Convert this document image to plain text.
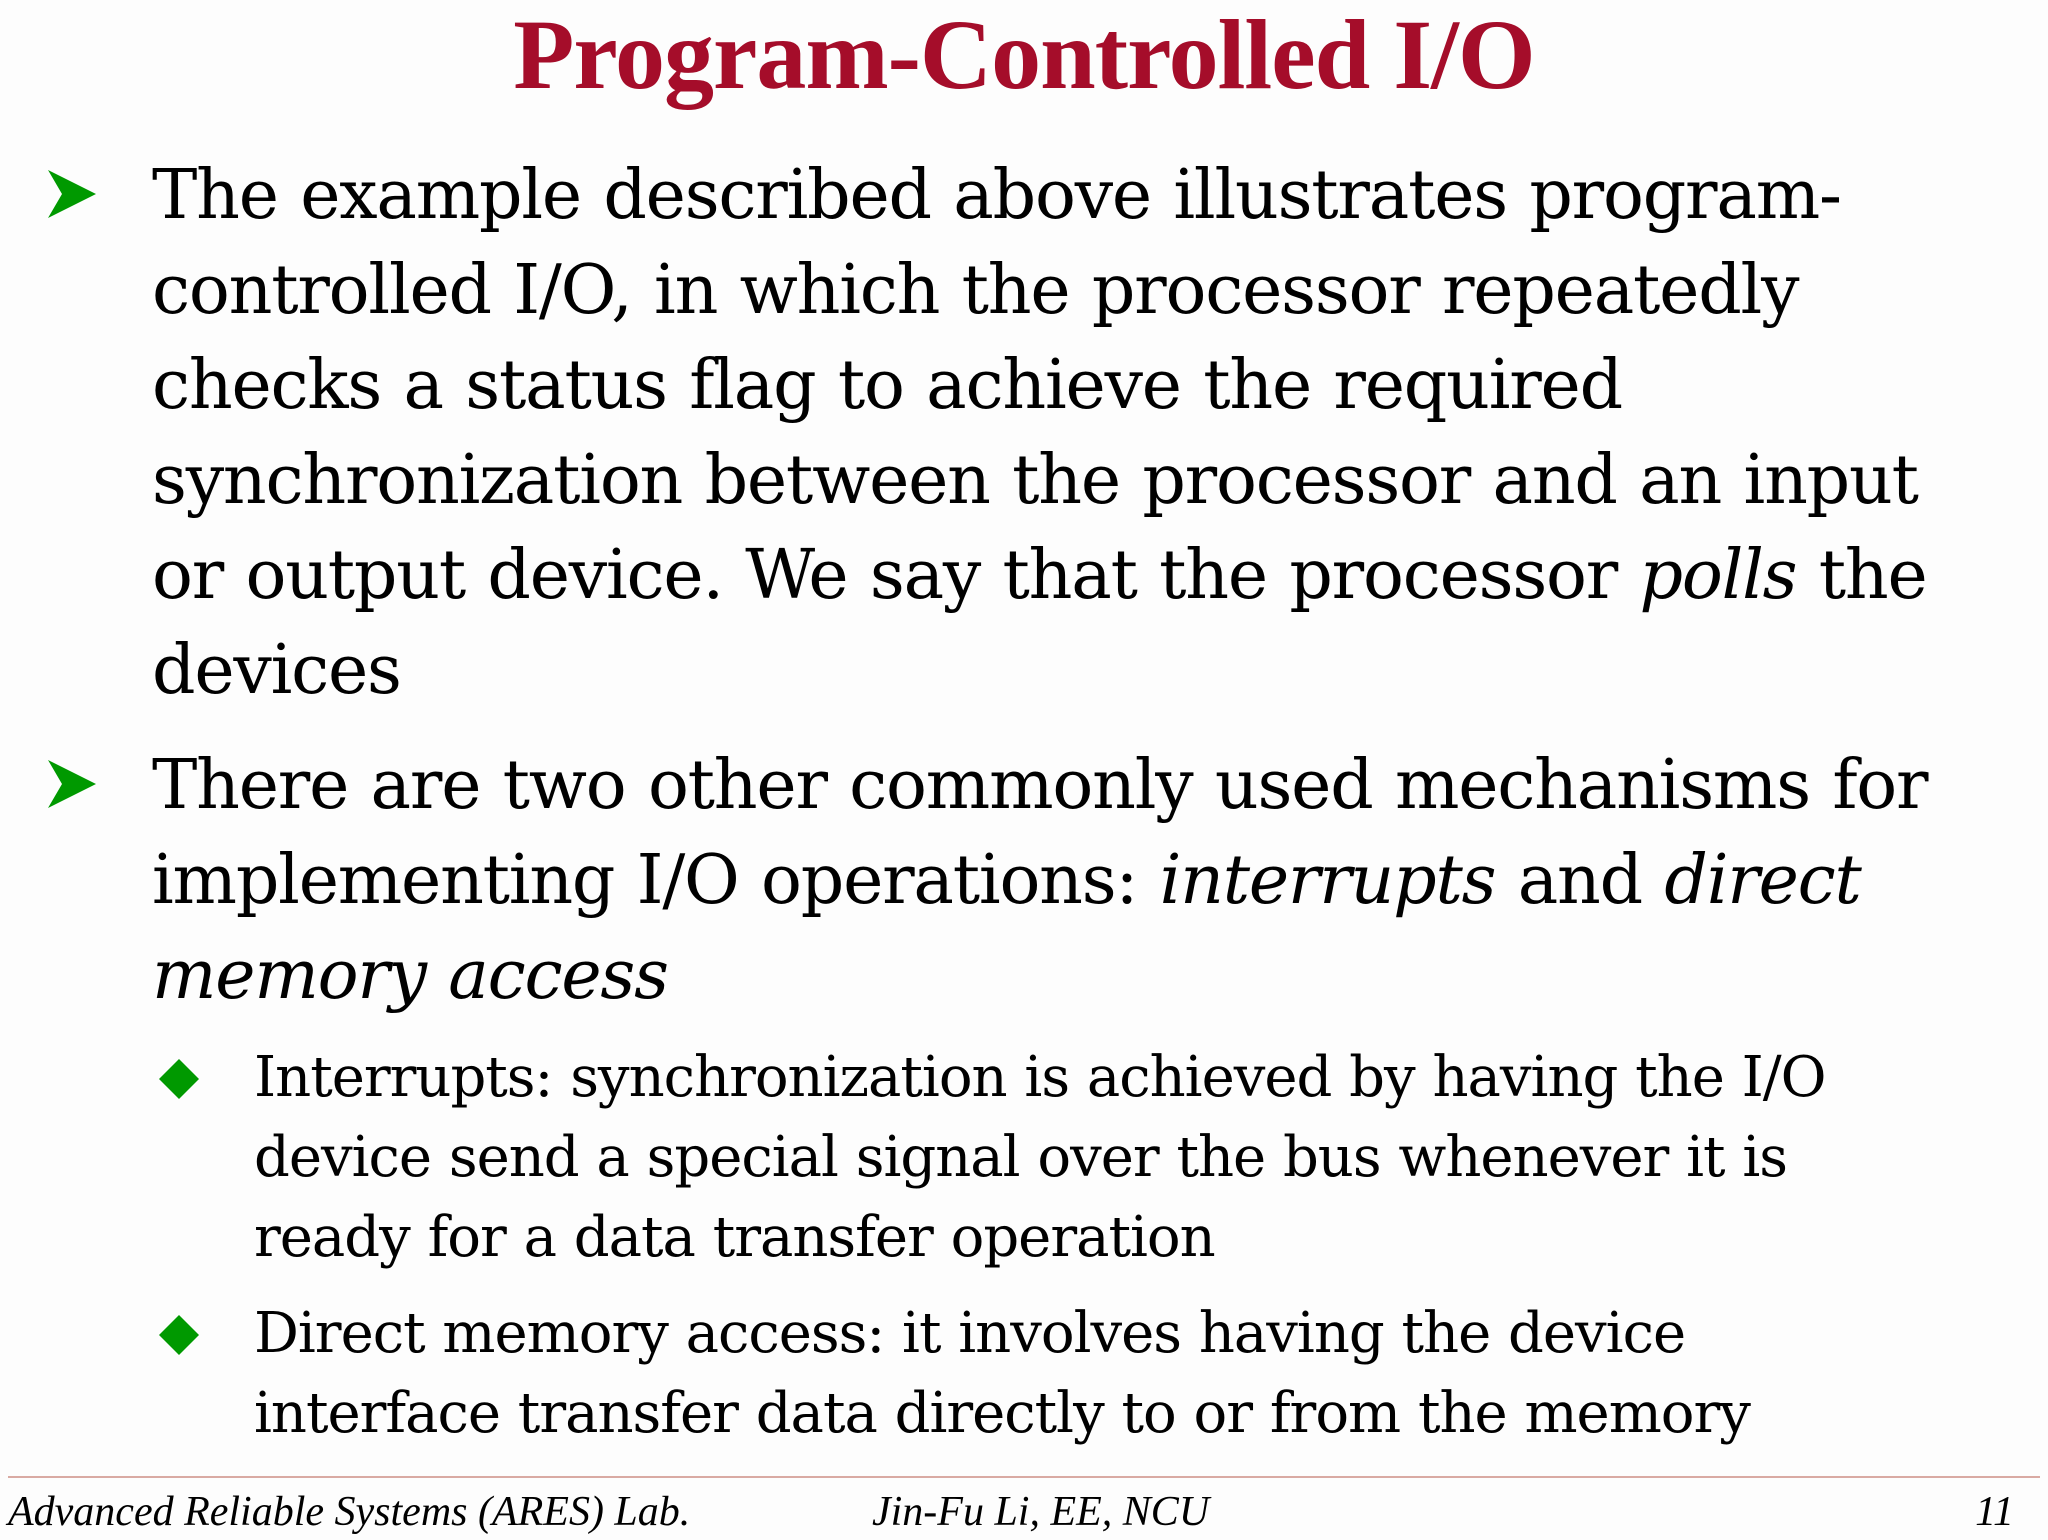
Program-Controlled I/O

The example described above illustrates program-
controlled I/O, in which the processor repeatedly
checks a status flag to achieve the required
synchronization between the processor and an input
or output device. We say that the processor polls the
devices

There are two other commonly used mechanisms for
implementing I/O operations: interrupts and direct
memory access

Interrupts: synchronization is achieved by having the I/O
device send a special signal over the bus whenever it is
ready for a data transfer operation

Direct memory access: it involves having the device
interface transfer data directly to or from the memory

Advanced Reliable Systems (ARES) Lab.	Jin-Fu Li, EE, NCU	11
